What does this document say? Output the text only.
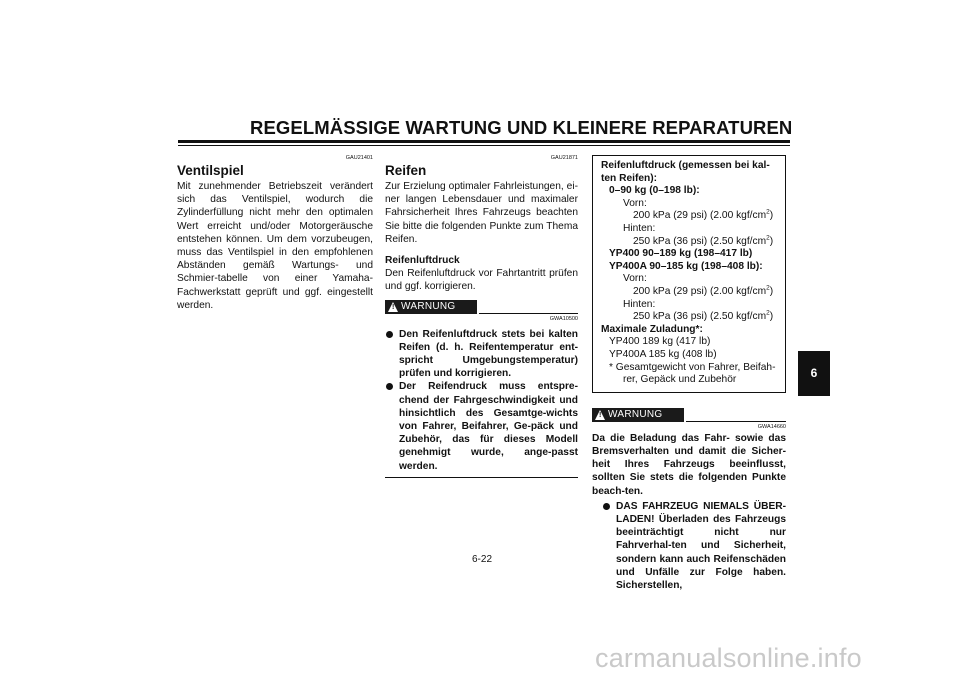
REGELMÄSSIGE WARTUNG UND KLEINERE REPARATUREN
GAU21401
Ventilspiel
Mit zunehmender Betriebszeit verändert sich das Ventilspiel, wodurch die Zylinderfüllung nicht mehr den optimalen Wert erreicht und/oder Motorgeräusche entstehen können. Um dem vorzubeugen, muss das Ventilspiel in den empfohlenen Abständen gemäß Wartungs- und Schmier-tabelle von einer Yamaha-Fachwerkstatt geprüft und ggf. eingestellt werden.
GAU21871
Reifen
Zur Erzielung optimaler Fahrleistungen, ei-ner langen Lebensdauer und maximaler Fahrsicherheit Ihres Fahrzeugs beachten Sie bitte die folgenden Punkte zum Thema Reifen.
Reifenluftdruck
Den Reifenluftdruck vor Fahrtantritt prüfen und ggf. korrigieren.
! WARNUNG
GWA10500
Den Reifenluftdruck stets bei kalten Reifen (d. h. Reifentemperatur ent-spricht Umgebungstemperatur) prüfen und korrigieren.
Der Reifendruck muss entspre-chend der Fahrgeschwindigkeit und hinsichtlich des Gesamtge-wichts von Fahrer, Beifahrer, Ge-päck und Zubehör, das für dieses Modell genehmigt wurde, ange-passt werden.
Reifenluftdruck (gemessen bei kal-ten Reifen):
0–90 kg (0–198 lb):
Vorn:
200 kPa (29 psi) (2.00 kgf/$cm^2$)
Hinten:
250 kPa (36 psi) (2.50 kgf/$cm^2$)
YP400 90–189 kg (198–417 lb)
YP400A 90–185 kg (198–408 lb):
Vorn:
200 kPa (29 psi) (2.00 kgf/$cm^2$)
Hinten:
250 kPa (36 psi) (2.50 kgf/$cm^2$)
Maximale Zuladung*:
YP400 189 kg (417 lb)
YP400A 185 kg (408 lb)
* Gesamtgewicht von Fahrer, Beifah-
rer, Gepäck und Zubehör
! WARNUNG
GWA14660
Da die Beladung das Fahr- sowie das Bremsverhalten und damit die Sicher-heit Ihres Fahrzeugs beeinflusst, sollten Sie stets die folgenden Punkte beach-ten.
DAS FAHRZEUG NIEMALS ÜBER-LADEN! Überladen des Fahrzeugs beeinträchtigt nicht nur Fahrverhal-ten und Sicherheit, sondern kann auch Reifenschäden und Unfälle zur Folge haben. Sicherstellen,
6
6-22
carmanualsonline.info
